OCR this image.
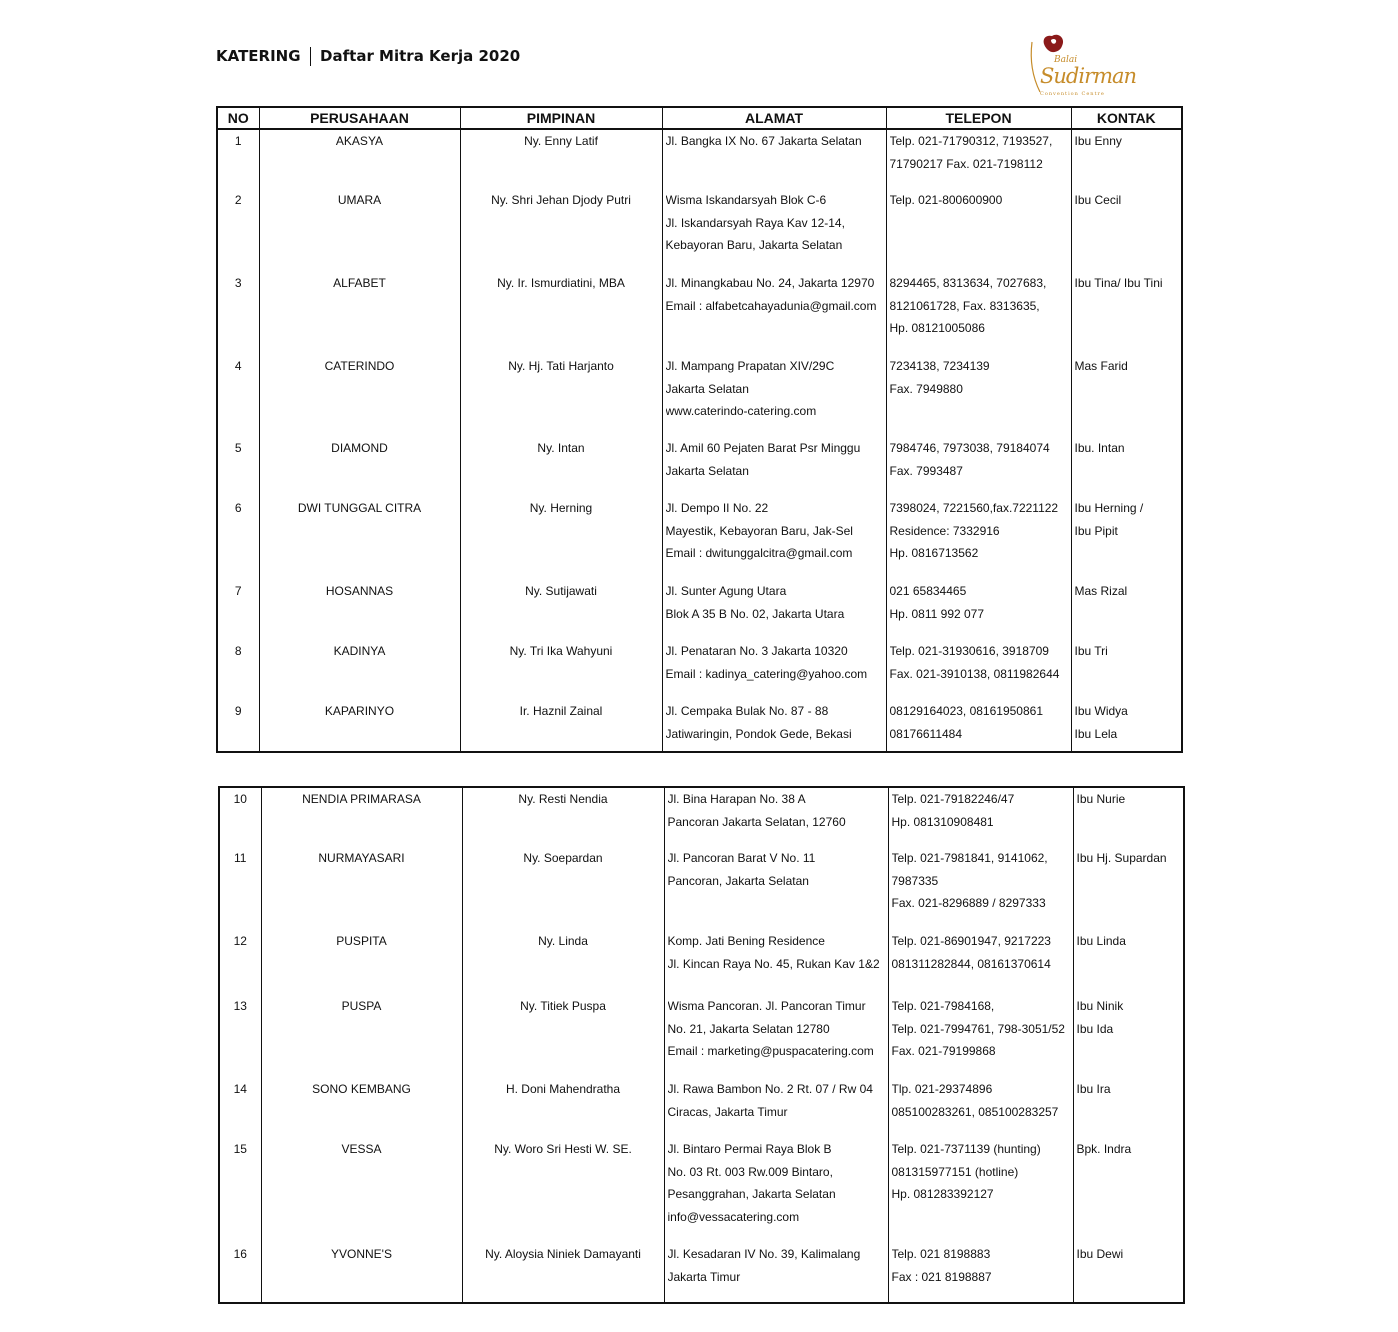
KATERING Daftar Mitra Kerja 2020	Balai
Sudirman
Convention Centre
NO	PERUSAHAAN	PIMPINAN	ALAMAT	TELEPON	KONTAK
1	AKASYA	Ny. Enny Latif	Jl. Bangka IX No. 67 Jakarta Selatan	Telp. 021-71790312, 7193527,
71790217 Fax. 021-7198112	Ibu Enny

2	UMARA	Ny. Shri Jehan Djody Putri	Wisma Iskandarsyah Blok C-6
Jl. Iskandarsyah Raya Kav 12-14,
Kebayoran Baru, Jakarta Selatan	Telp. 021-800600900	Ibu Cecil

3	ALFABET	Ny. Ir. Ismurdiatini, MBA	Jl. Minangkabau No. 24, Jakarta 12970
Email : alfabetcahayadunia@gmail.com	8294465, 8313634, 7027683,
8121061728, Fax. 8313635,
Hp. 08121005086	Ibu Tina/ Ibu Tini

4	CATERINDO	Ny. Hj. Tati Harjanto	Jl. Mampang Prapatan XIV/29C
Jakarta Selatan
www.caterindo-catering.com	7234138, 7234139
Fax. 7949880	Mas Farid

5	DIAMOND	Ny. Intan	Jl. Amil 60 Pejaten Barat Psr Minggu
Jakarta Selatan	7984746, 7973038, 79184074
Fax. 7993487	Ibu. Intan

6	DWI TUNGGAL CITRA	Ny. Herning	Jl. Dempo II No. 22
Mayestik, Kebayoran Baru, Jak-Sel
Email : dwitunggalcitra@gmail.com	7398024, 7221560,fax.7221122
Residence: 7332916
Hp. 0816713562	Ibu Herning /
Ibu Pipit

7	HOSANNAS	Ny. Sutijawati	Jl. Sunter Agung Utara
Blok A 35 B No. 02, Jakarta Utara	021 65834465
Hp. 0811 992 077	Mas Rizal

8	KADINYA	Ny. Tri Ika Wahyuni	Jl. Penataran No. 3 Jakarta 10320
Email : kadinya_catering@yahoo.com	Telp. 021-31930616, 3918709
Fax. 021-3910138, 0811982644	Ibu Tri

9	KAPARINYO	Ir. Haznil Zainal	Jl. Cempaka Bulak No. 87 - 88
Jatiwaringin, Pondok Gede, Bekasi	08129164023, 08161950861
08176611484	Ibu Widya
Ibu Lela
10	NENDIA PRIMARASA	Ny. Resti Nendia	Jl. Bina Harapan No. 38 A
Pancoran Jakarta Selatan, 12760	Telp. 021-79182246/47
Hp. 081310908481	Ibu Nurie

11	NURMAYASARI	Ny. Soepardan	Jl. Pancoran Barat V No. 11
Pancoran, Jakarta Selatan	Telp. 021-7981841, 9141062,
7987335
Fax. 021-8296889 / 8297333	Ibu Hj. Supardan

12	PUSPITA	Ny. Linda	Komp. Jati Bening Residence
Jl. Kincan Raya No. 45, Rukan Kav 1&2	Telp. 021-86901947, 9217223
081311282844, 08161370614	Ibu Linda

13	PUSPA	Ny. Titiek Puspa	Wisma Pancoran. Jl. Pancoran Timur
No. 21, Jakarta Selatan 12780
Email : marketing@puspacatering.com	Telp. 021-7984168,
Telp. 021-7994761, 798-3051/52
Fax. 021-79199868	Ibu Ninik
Ibu Ida

14	SONO KEMBANG	H. Doni Mahendratha	Jl. Rawa Bambon No. 2 Rt. 07 / Rw 04
Ciracas, Jakarta Timur	Tlp. 021-29374896
085100283261, 085100283257	Ibu Ira

15	VESSA	Ny. Woro Sri Hesti W. SE.	Jl. Bintaro Permai Raya Blok B
No. 03 Rt. 003 Rw.009 Bintaro,
Pesanggrahan, Jakarta Selatan
info@vessacatering.com	Telp. 021-7371139 (hunting)
081315977151 (hotline)
Hp. 081283392127	Bpk. Indra

16	YVONNE'S	Ny. Aloysia Niniek Damayanti	Jl. Kesadaran IV No. 39, Kalimalang
Jakarta Timur	Telp. 021 8198883
Fax : 021 8198887	Ibu Dewi
